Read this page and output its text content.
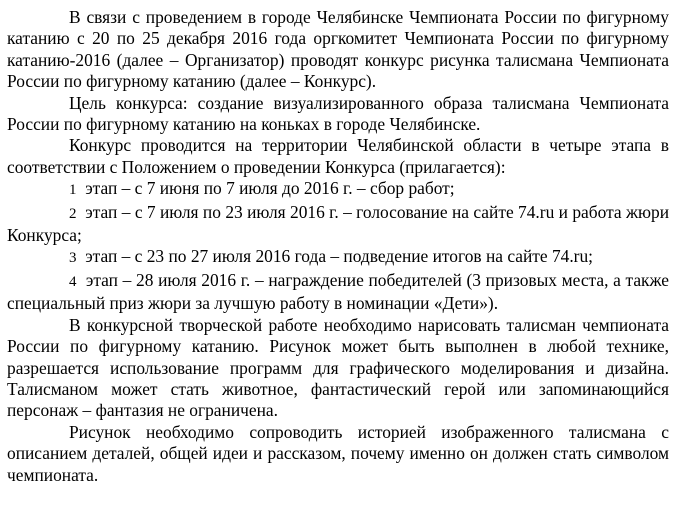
В связи с проведением в городе Челябинске Чемпионата России по фигурному катанию с 20 по 25 декабря 2016 года оргкомитет Чемпионата России по фигурному катанию-2016 (далее – Организатор) проводят конкурс рисунка талисмана Чемпионата России по фигурному катанию (далее – Конкурс).

Цель конкурса: создание визуализированного образа талисмана Чемпионата России по фигурному катанию на коньках в городе Челябинске.

Конкурс проводится на территории Челябинской области в четыре этапа в соответствии с Положением о проведении Конкурса (прилагается):

1 этап – с 7 июня по 7 июля до 2016 г. – сбор работ;

2 этап – с 7 июля по 23 июля 2016 г. – голосование на сайте 74.ru и работа жюри Конкурса;

3 этап – с 23 по 27 июля 2016 года – подведение итогов на сайте 74.ru;

4 этап – 28 июля 2016 г. – награждение победителей (3 призовых места, а также специальный приз жюри за лучшую работу в номинации «Дети»).

В конкурсной творческой работе необходимо нарисовать талисман чемпионата России по фигурному катанию. Рисунок может быть выполнен в любой технике, разрешается использование программ для графического моделирования и дизайна. Талисманом может стать животное, фантастический герой или запоминающийся персонаж – фантазия не ограничена.

Рисунок необходимо сопроводить историей изображенного талисмана с описанием деталей, общей идеи и рассказом, почему именно он должен стать символом чемпионата.
